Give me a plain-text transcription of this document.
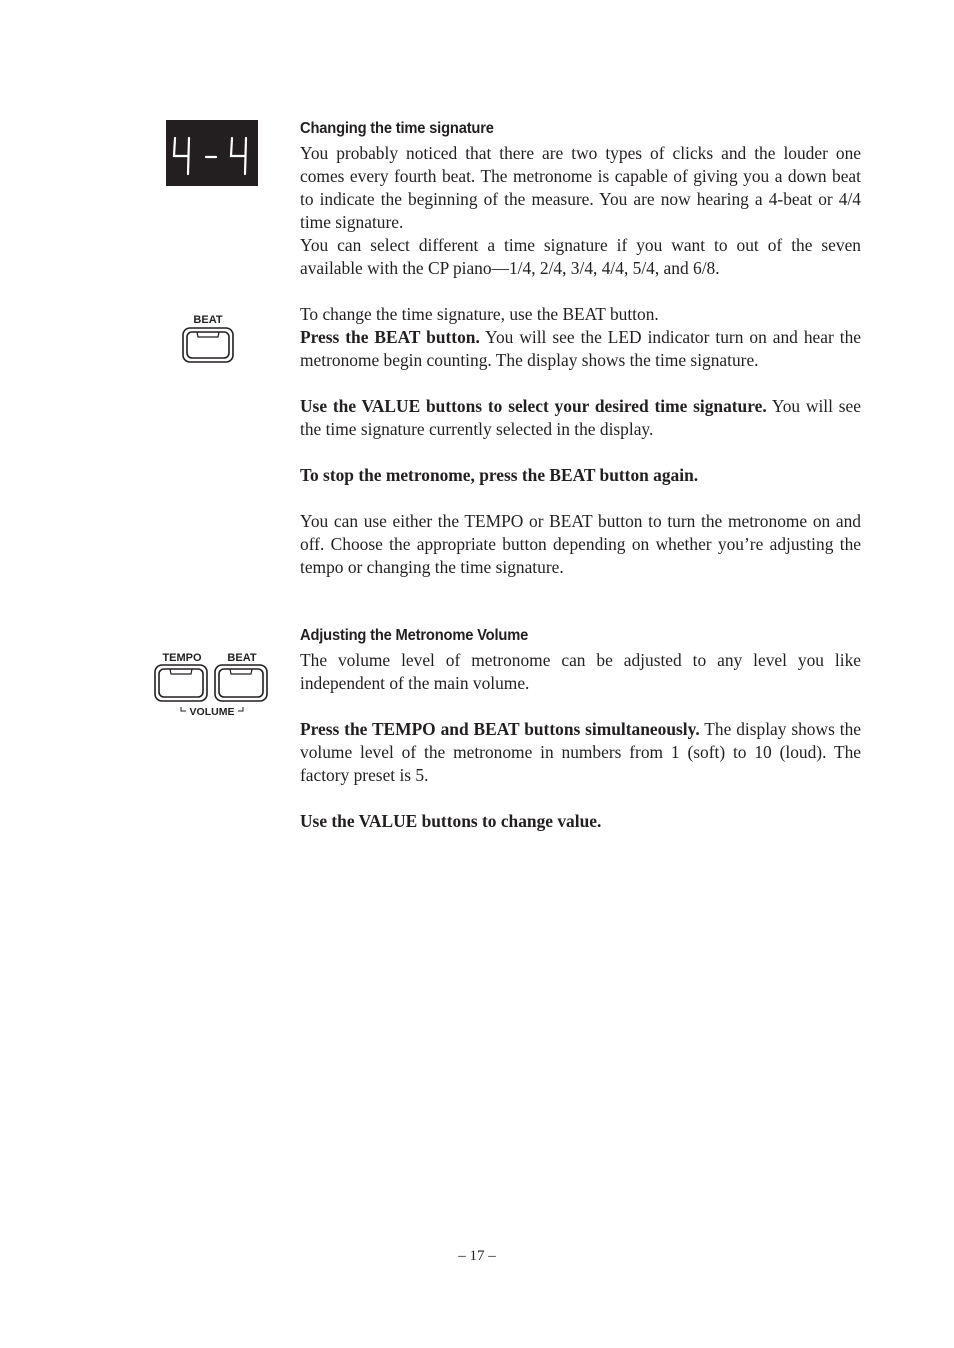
BEAT
TEMPO BEAT
VOLUME
Changing the time signature

You probably noticed that there are two types of clicks and the louder one comes every fourth beat. The metronome is capable of giving you a down beat to indicate the beginning of the measure. You are now hearing a 4-beat or 4/4 time signature.

You can select different a time signature if you want to out of the seven available with the CP piano—1/4, 2/4, 3/4, 4/4, 5/4, and 6/8.

To change the time signature, use the BEAT button.

Press the BEAT button. You will see the LED indicator turn on and hear the metronome begin counting. The display shows the time signature.

Use the VALUE buttons to select your desired time signature. You will see the time signature currently selected in the display.

To stop the metronome, press the BEAT button again.

You can use either the TEMPO or BEAT button to turn the metronome on and off. Choose the appropriate button depending on whether you’re adjusting the tempo or changing the time signature.

Adjusting the Metronome Volume

The volume level of metronome can be adjusted to any level you like independent of the main volume.

Press the TEMPO and BEAT buttons simultaneously. The display shows the volume level of the metronome in numbers from 1 (soft) to 10 (loud). The factory preset is 5.

Use the VALUE buttons to change value.

– 17 –
